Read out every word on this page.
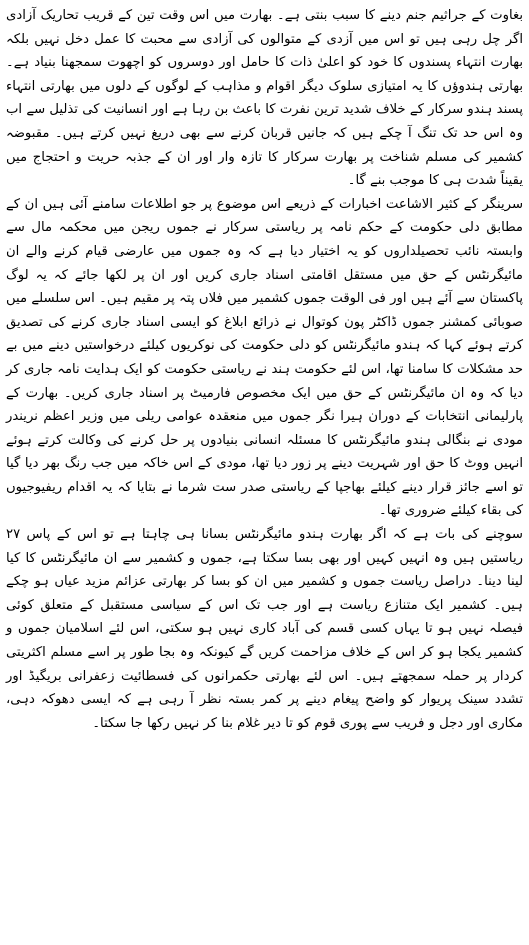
بغاوت کے جراثیم جنم دینے کا سبب بنتی ہے۔ بھارت میں اس وقت تین کے قریب تحاریک آزادی اگر چل رہی ہیں تو اس میں آزدی کے متوالوں کی آزادی سے محبت کا عمل دخل نہیں بلکہ بھارت انتہاء پسندوں کا خود کو اعلیٰ ذات کا حامل اور دوسروں کو اچھوت سمجھنا بنیاد ہے۔ بھارتی ہندوؤں کا یہ امتیازی سلوک دیگر اقوام و مذاہب کے لوگوں کے دلوں میں بھارتی انتہاء پسند ہندو سرکار کے خلاف شدید ترین نفرت کا باعث بن رہا ہے اور انسانیت کی تذلیل سے اب وہ اس حد تک تنگ آ چکے ہیں کہ جانیں قربان کرنے سے بھی دریغ نہیں کرتے ہیں۔ مقبوضہ کشمیر کی مسلم شناخت پر بھارت سرکار کا تازہ وار اور ان کے جذبہ حریت و احتجاج میں یقیناً شدت ہی کا موجب بنے گا۔

سرینگر کے کثیر الاشاعت اخبارات کے ذریعے اس موضوع پر جو اطلاعات سامنے آئی ہیں ان کے مطابق دلی حکومت کے حکم نامہ پر ریاستی سرکار نے جموں ریجن میں محکمہ مال سے وابستہ نائب تحصیلداروں کو یہ اختیار دیا ہے کہ وہ جموں میں عارضی قیام کرنے والے ان مائیگرنٹس کے حق میں مستقل اقامتی اسناد جاری کریں اور ان پر لکھا جائے کہ یہ لوگ پاکستان سے آئے ہیں اور فی الوقت جموں کشمیر میں فلاں پتہ پر مقیم ہیں۔ اس سلسلے میں صوبائی کمشنر جموں ڈاکٹر پون کوتوال نے ذرائع ابلاغ کو ایسی اسناد جاری کرنے کی تصدیق کرتے ہوئے کہا کہ ہندو مائیگرنٹس کو دلی حکومت کی نوکریوں کیلئے درخواستیں دینے میں بے حد مشکلات کا سامنا تھا، اس لئے حکومت ہند نے ریاستی حکومت کو ایک ہدایت نامہ جاری کر دیا کہ وہ ان مائیگرنٹس کے حق میں ایک مخصوص فارمیٹ پر اسناد جاری کریں۔ بھارت کے پارلیمانی انتخابات کے دوران ہیرا نگر جموں میں منعقدہ عوامی ریلی میں وزیر اعظم نریندر مودی نے بنگالی ہندو مائیگرنٹس کا مسئلہ انسانی بنیادوں پر حل کرنے کی وکالت کرتے ہوئے انہیں ووٹ کا حق اور شہریت دینے پر زور دیا تھا، مودی کے اس خاکہ میں جب رنگ بھر دیا گیا تو اسے جائز قرار دینے کیلئے بھاجپا کے ریاستی صدر ست شرما نے بتایا کہ یہ اقدام ریفیوجیوں کی بقاء کیلئے ضروری تھا۔

سوچنے کی بات ہے کہ اگر بھارت ہندو مائیگرنٹس بسانا ہی چاہتا ہے تو اس کے پاس ۲۷ ریاستیں ہیں وہ انہیں کہیں اور بھی بسا سکتا ہے، جموں و کشمیر سے ان مائیگرنٹس کا کیا لینا دینا۔ دراصل ریاست جموں و کشمیر میں ان کو بسا کر بھارتی عزائم مزید عیاں ہو چکے ہیں۔ کشمیر ایک متنازع ریاست ہے اور جب تک اس کے سیاسی مستقبل کے متعلق کوئی فیصلہ نہیں ہو تا یہاں کسی قسم کی آباد کاری نہیں ہو سکتی، اس لئے اسلامیان جموں و کشمیر یکجا ہو کر اس کے خلاف مزاحمت کریں گے کیونکہ وہ بجا طور پر اسے مسلم اکثریتی کردار پر حملہ سمجھتے ہیں۔ اس لئے بھارتی حکمرانوں کی فسطائیت زعفرانی بریگیڈ اور تشدد سینک پریوار کو واضح پیغام دینے پر کمر بستہ نظر آ رہی ہے کہ ایسی دھوکہ دہی، مکاری اور دجل و فریب سے پوری قوم کو تا دیر غلام بنا کر نہیں رکھا جا سکتا۔
